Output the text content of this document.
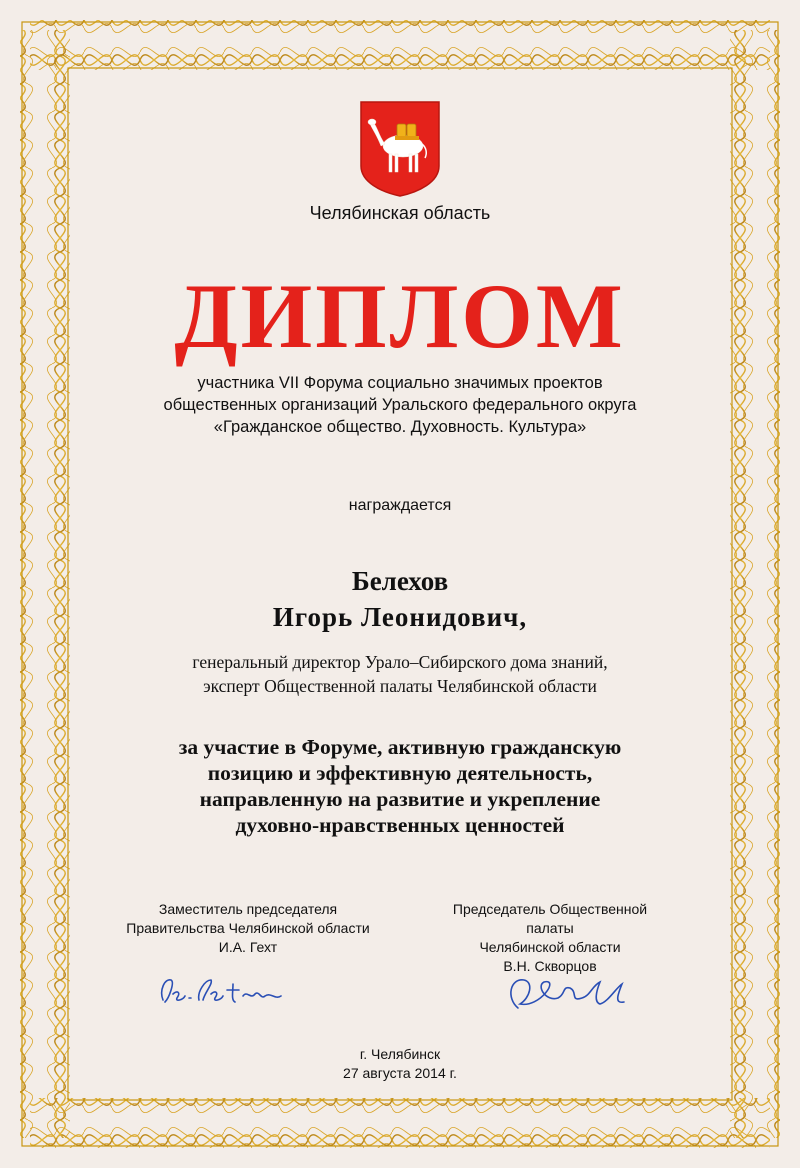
Челябинская область
ДИПЛОМ
участника VII Форума социально значимых проектов
общественных организаций Уральского федерального округа
«Гражданское общество. Духовность. Культура»
награждается
Белехов
Игорь Леонидович,
генеральный директор Урало–Сибирского дома знаний,
эксперт Общественной палаты Челябинской области
за участие в Форуме, активную гражданскую
позицию и эффективную деятельность,
направленную на развитие и укрепление
духовно-нравственных ценностей
Заместитель председателя
Правительства Челябинской области
И.А. Гехт
Председатель Общественной палаты
Челябинской области
В.Н. Скворцов
г. Челябинск
27 августа 2014 г.
